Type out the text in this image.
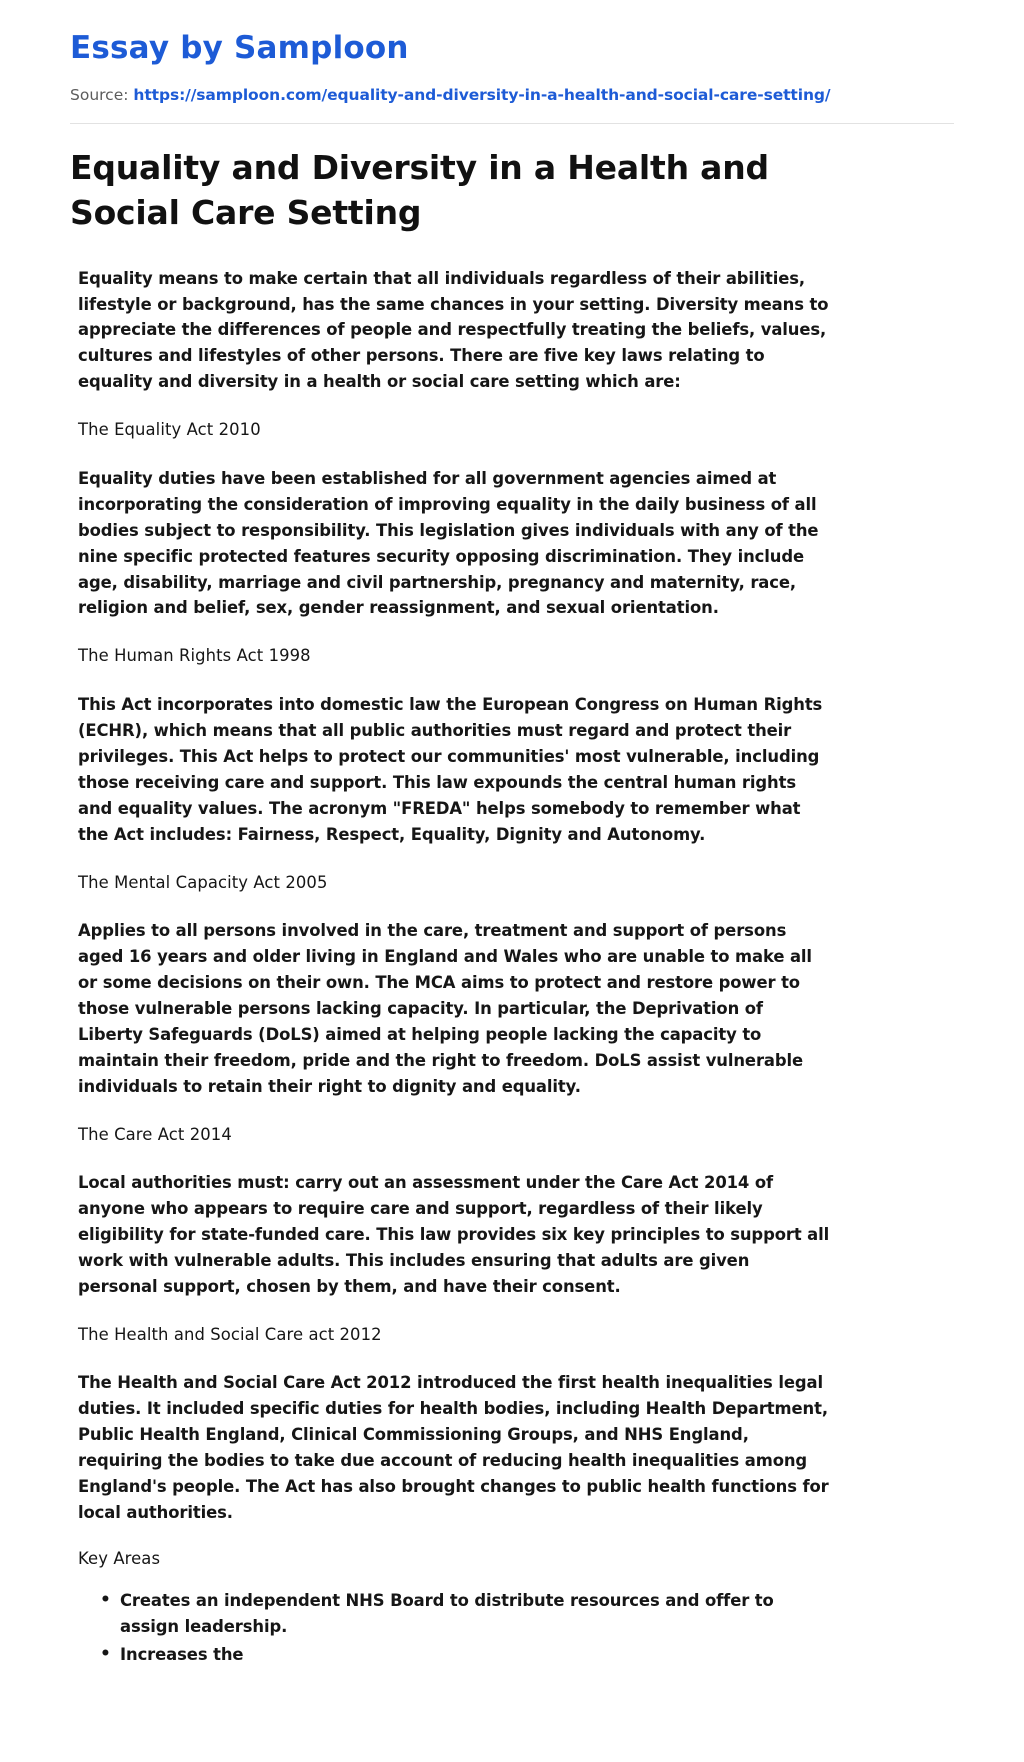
Essay by Samploon
Source: https://samploon.com/equality-and-diversity-in-a-health-and-social-care-setting/
Equality and Diversity in a Health and Social Care Setting

Equality means to make certain that all individuals regardless of their abilities, lifestyle or background, has the same chances in your setting. Diversity means to appreciate the differences of people and respectfully treating the beliefs, values, cultures and lifestyles of other persons. There are five key laws relating to equality and diversity in a health or social care setting which are:

The Equality Act 2010

Equality duties have been established for all government agencies aimed at incorporating the consideration of improving equality in the daily business of all bodies subject to responsibility. This legislation gives individuals with any of the nine specific protected features security opposing discrimination. They include age, disability, marriage and civil partnership, pregnancy and maternity, race, religion and belief, sex, gender reassignment, and sexual orientation.

The Human Rights Act 1998

This Act incorporates into domestic law the European Congress on Human Rights (ECHR), which means that all public authorities must regard and protect their privileges. This Act helps to protect our communities' most vulnerable, including those receiving care and support. This law expounds the central human rights and equality values. The acronym "FREDA" helps somebody to remember what the Act includes: Fairness, Respect, Equality, Dignity and Autonomy.

The Mental Capacity Act 2005

Applies to all persons involved in the care, treatment and support of persons aged 16 years and older living in England and Wales who are unable to make all or some decisions on their own. The MCA aims to protect and restore power to those vulnerable persons lacking capacity. In particular, the Deprivation of Liberty Safeguards (DoLS) aimed at helping people lacking the capacity to maintain their freedom, pride and the right to freedom. DoLS assist vulnerable individuals to retain their right to dignity and equality.

The Care Act 2014

Local authorities must: carry out an assessment under the Care Act 2014 of anyone who appears to require care and support, regardless of their likely eligibility for state-funded care. This law provides six key principles to support all work with vulnerable adults. This includes ensuring that adults are given personal support, chosen by them, and have their consent.

The Health and Social Care act 2012

The Health and Social Care Act 2012 introduced the first health inequalities legal duties. It included specific duties for health bodies, including Health Department, Public Health England, Clinical Commissioning Groups, and NHS England, requiring the bodies to take due account of reducing health inequalities among England's people. The Act has also brought changes to public health functions for local authorities.

Key Areas
• Creates an independent NHS Board to distribute resources and offer to assign leadership.
• Increases the
